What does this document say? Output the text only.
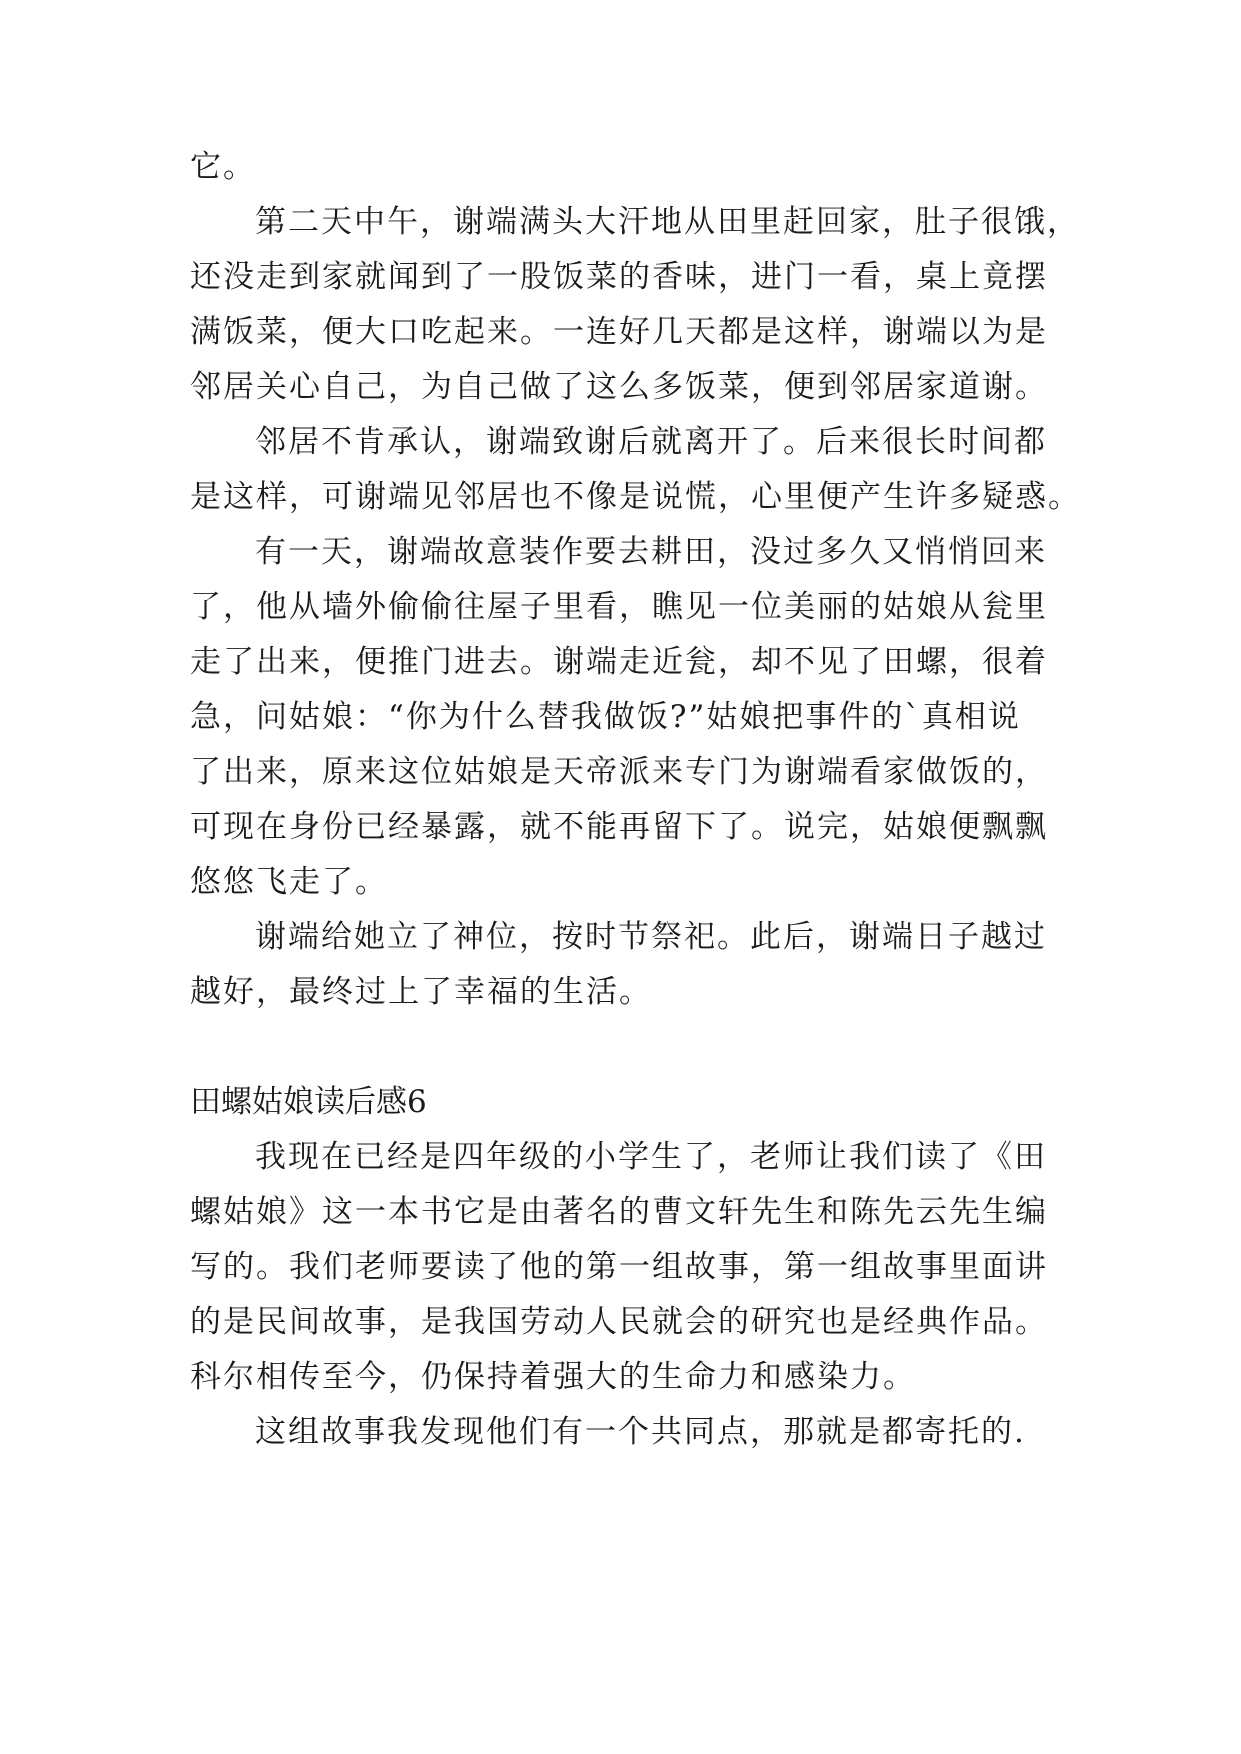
它。

第二天中午，谢端满头大汗地从田里赶回家，肚子很饿，

还没走到家就闻到了一股饭菜的香味，进门一看，桌上竟摆

满饭菜，便大口吃起来。一连好几天都是这样，谢端以为是

邻居关心自己，为自己做了这么多饭菜，便到邻居家道谢。

邻居不肯承认，谢端致谢后就离开了。后来很长时间都

是这样，可谢端见邻居也不像是说慌，心里便产生许多疑惑。

有一天，谢端故意装作要去耕田，没过多久又悄悄回来

了，他从墙外偷偷往屋子里看，瞧见一位美丽的姑娘从瓮里

走了出来，便推门进去。谢端走近瓮，却不见了田螺，很着

急，问姑娘：“你为什么替我做饭?”姑娘把事件的`真相说

了出来，原来这位姑娘是天帝派来专门为谢端看家做饭的，

可现在身份已经暴露，就不能再留下了。说完，姑娘便飘飘

悠悠飞走了。

谢端给她立了神位，按时节祭祀。此后，谢端日子越过

越好，最终过上了幸福的生活。

田螺姑娘读后感6

我现在已经是四年级的小学生了，老师让我们读了《田

螺姑娘》这一本书它是由著名的曹文轩先生和陈先云先生编

写的。我们老师要读了他的第一组故事，第一组故事里面讲

的是民间故事，是我国劳动人民就会的研究也是经典作品。

科尔相传至今，仍保持着强大的生命力和感染力。

这组故事我发现他们有一个共同点，那就是都寄托的.
